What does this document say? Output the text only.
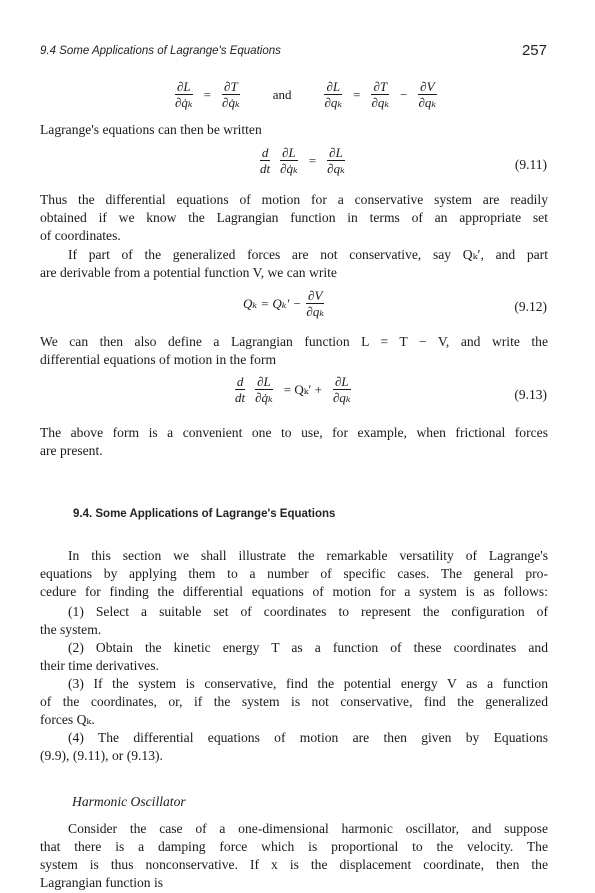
9.4 Some Applications of Lagrange's Equations	257
$\frac{\partial L}{\text{∂q̇ₖ}} = \frac{\partial T}{\text{∂q̇ₖ}}$ and $\frac{\partial L}{\text{∂qₖ}} = \frac{\partial T}{\text{∂qₖ}} - \frac{\partial V}{\text{∂qₖ}}$
Lagrange's equations can then be written
$\frac{d}{dt} \frac{\partial L}{\text{∂q̇ₖ}} = \frac{\partial L}{\text{∂qₖ}}$	(9.11)
Thus the differential equations of motion for a conservative system are readily
obtained if we know the Lagrangian function in terms of an appropriate set
of coordinates.
If part of the generalized forces are not conservative, say Qₖ′, and part
are derivable from a potential function V, we can write
$Q_k = Q_k' - \frac{\partial V}{\text{∂qₖ}}$	(9.12)
We can then also define a Lagrangian function L = T − V, and write the
differential equations of motion in the form
$\frac{d}{dt} \frac{\partial L}{\text{∂q̇ₖ}} = Q_k' + \frac{\partial L}{\text{∂qₖ}}$	(9.13)
The above form is a convenient one to use, for example, when frictional forces
are present.
9.4. Some Applications of Lagrange's Equations
In this section we shall illustrate the remarkable versatility of Lagrange's
equations by applying them to a number of specific cases. The general pro-
cedure for finding the differential equations of motion for a system is as follows:
(1) Select a suitable set of coordinates to represent the configuration of
the system.
(2) Obtain the kinetic energy T as a function of these coordinates and
their time derivatives.
(3) If the system is conservative, find the potential energy V as a function
of the coordinates, or, if the system is not conservative, find the generalized
forces Qₖ.
(4) The differential equations of motion are then given by Equations
(9.9), (9.11), or (9.13).
Harmonic Oscillator
Consider the case of a one-dimensional harmonic oscillator, and suppose
that there is a damping force which is proportional to the velocity. The
system is thus nonconservative. If x is the displacement coordinate, then the
Lagrangian function is
